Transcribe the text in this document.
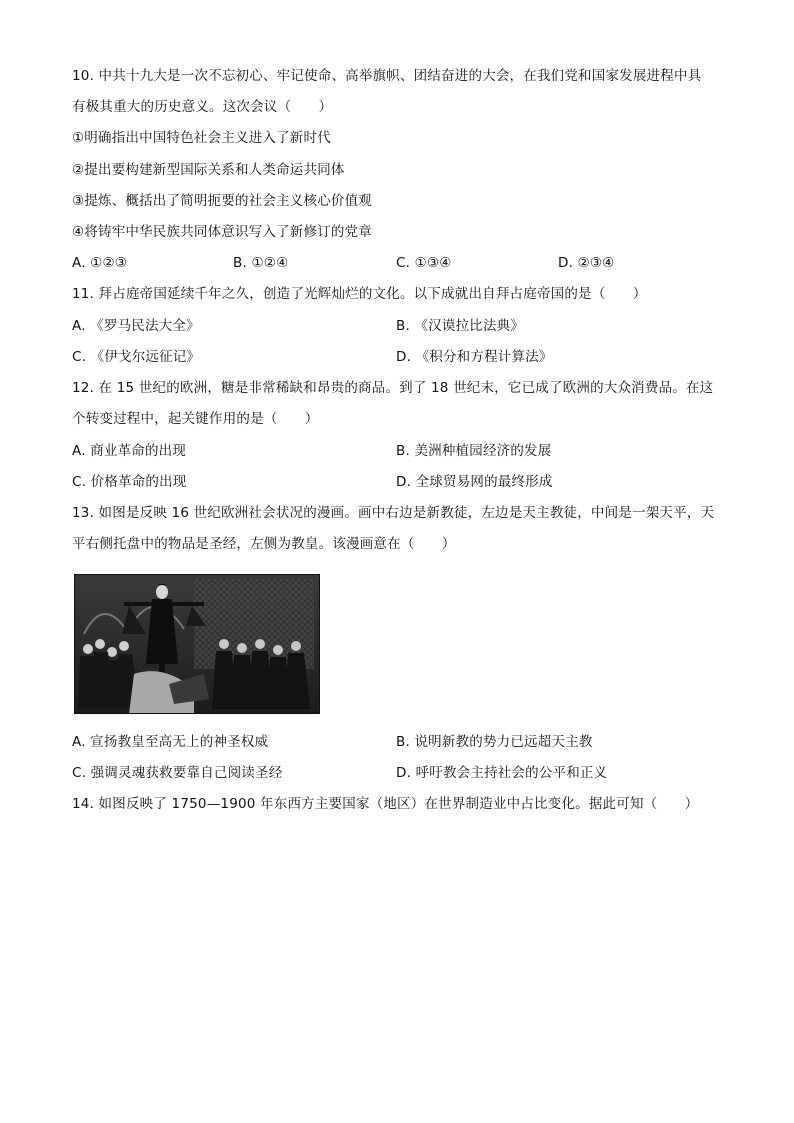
10. 中共十九大是一次不忘初心、牢记使命、高举旗帜、团结奋进的大会，在我们党和国家发展进程中具
有极其重大的历史意义。这次会议（　　）
①明确指出中国特色社会主义进入了新时代
②提出要构建新型国际关系和人类命运共同体
③提炼、概括出了简明扼要的社会主义核心价值观
④将铸牢中华民族共同体意识写入了新修订的党章
A. ①②③	B. ①②④	C. ①③④	D. ②③④
11. 拜占庭帝国延续千年之久，创造了光辉灿烂的文化。以下成就出自拜占庭帝国的是（　　）
A. 《罗马民法大全》	B. 《汉谟拉比法典》
C. 《伊戈尔远征记》	D. 《积分和方程计算法》
12. 在 15 世纪的欧洲，糖是非常稀缺和昂贵的商品。到了 18 世纪末，它已成了欧洲的大众消费品。在这
个转变过程中，起关键作用的是（　　）
A. 商业革命的出现	B. 美洲种植园经济的发展
C. 价格革命的出现	D. 全球贸易网的最终形成
13. 如图是反映 16 世纪欧洲社会状况的漫画。画中右边是新教徒，左边是天主教徒，中间是一架天平，天
平右侧托盘中的物品是圣经，左侧为教皇。该漫画意在（　　）
A. 宣扬教皇至高无上的神圣权威	B. 说明新教的势力已远超天主教
C. 强调灵魂获救要靠自己阅读圣经	D. 呼吁教会主持社会的公平和正义
14. 如图反映了 1750—1900 年东西方主要国家（地区）在世界制造业中占比变化。据此可知（　　）
